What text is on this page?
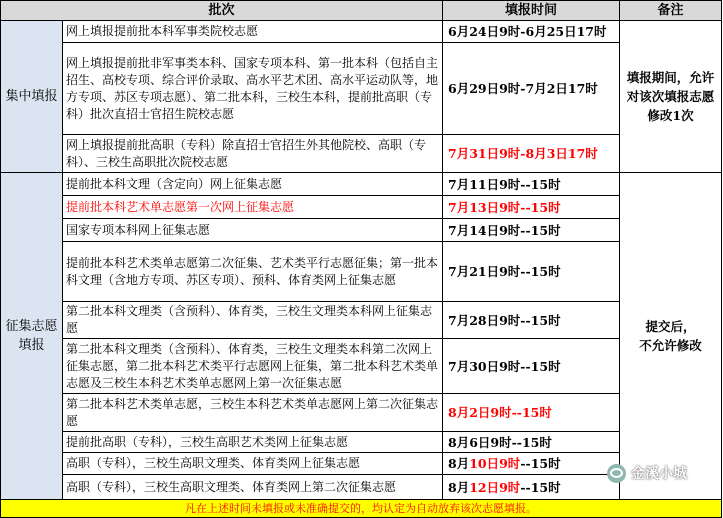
批次		填报时间	备注
集中填报	网上填报提前批本科军事类院校志愿	6月24日9时-6月25日17时	填报期间，允许
对该次填报志愿
修改1次
	网上填报提前批非军事类本科、国家专项本科、第一批本科（包括自主招生、高校专项、综合评价录取、高水平艺术团、高水平运动队等，地方专项、苏区专项志愿）、第二批本科，三校生本科，提前批高职（专科）批次直招士官招生院校志愿	6月29日9时-7月2日17时	
	网上填报提前批高职（专科）除直招士官招生外其他院校、高职（专科）、三校生高职批次院校志愿	7月31日9时-8月3日17时	
征集志愿
填报	提前批本科文理（含定向）网上征集志愿	7月11日9时--15时	提交后，
不允许修改
	提前批本科艺术单志愿第一次网上征集志愿	7月13日9时--15时	
	国家专项本科网上征集志愿	7月14日9时--15时	
	提前批本科艺术类单志愿第二次征集、艺术类平行志愿征集；第一批本科文理（含地方专项、苏区专项）、预科、体育类网上征集志愿	7月21日9时--15时	
	第二批本科文理类（含预科）、体育类，三校生文理类本科网上征集志愿	7月28日9时--15时	
	第二批本科文理类（含预科）、体育类，三校生文理类本科第二次网上征集志愿，第二批本科艺术类平行志愿网上征集，第二批本科艺术类单志愿及三校生本科艺术类单志愿网上第一次征集志愿	7月30日9时--15时	
	第二批本科艺术类单志愿，三校生本科艺术类单志愿网上第二次征集志愿	8月2日9时--15时	
	提前批高职（专科），三校生高职艺术类网上征集志愿	8月6日9时--15时	
	高职（专科），三校生高职文理类、体育类网上征集志愿	8月10日9时--15时	
	高职（专科），三校生高职文理类、体育类网上第二次征集志愿	8月12日9时--15时	
凡在上述时间未填报或未准确提交的，均认定为自动放弃该次志愿填报。			
金溪小城
